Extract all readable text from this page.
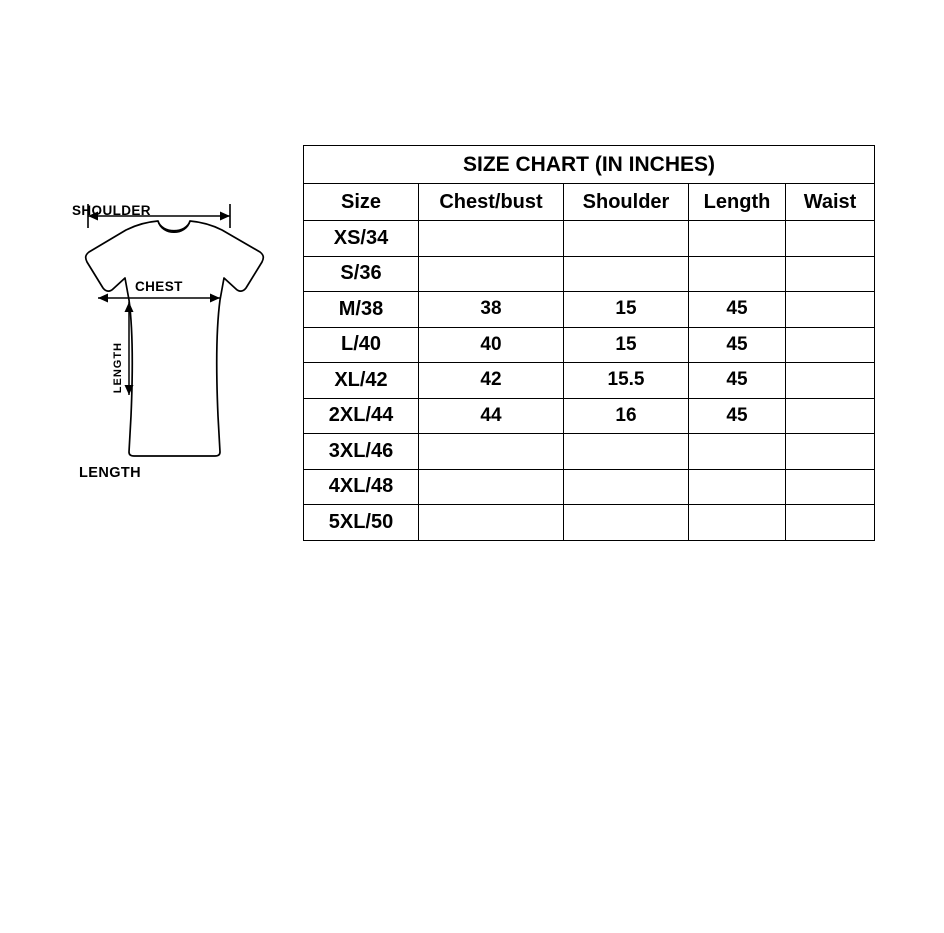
SHOULDER
CHEST
LENGTH
LENGTH
SIZE CHART (IN INCHES)				
Size	Chest/bust	Shoulder	Length	Waist
XS/34				
S/36				
M/38	38	15	45	
L/40	40	15	45	
XL/42	42	15.5	45	
2XL/44	44	16	45	
3XL/46				
4XL/48				
5XL/50				
